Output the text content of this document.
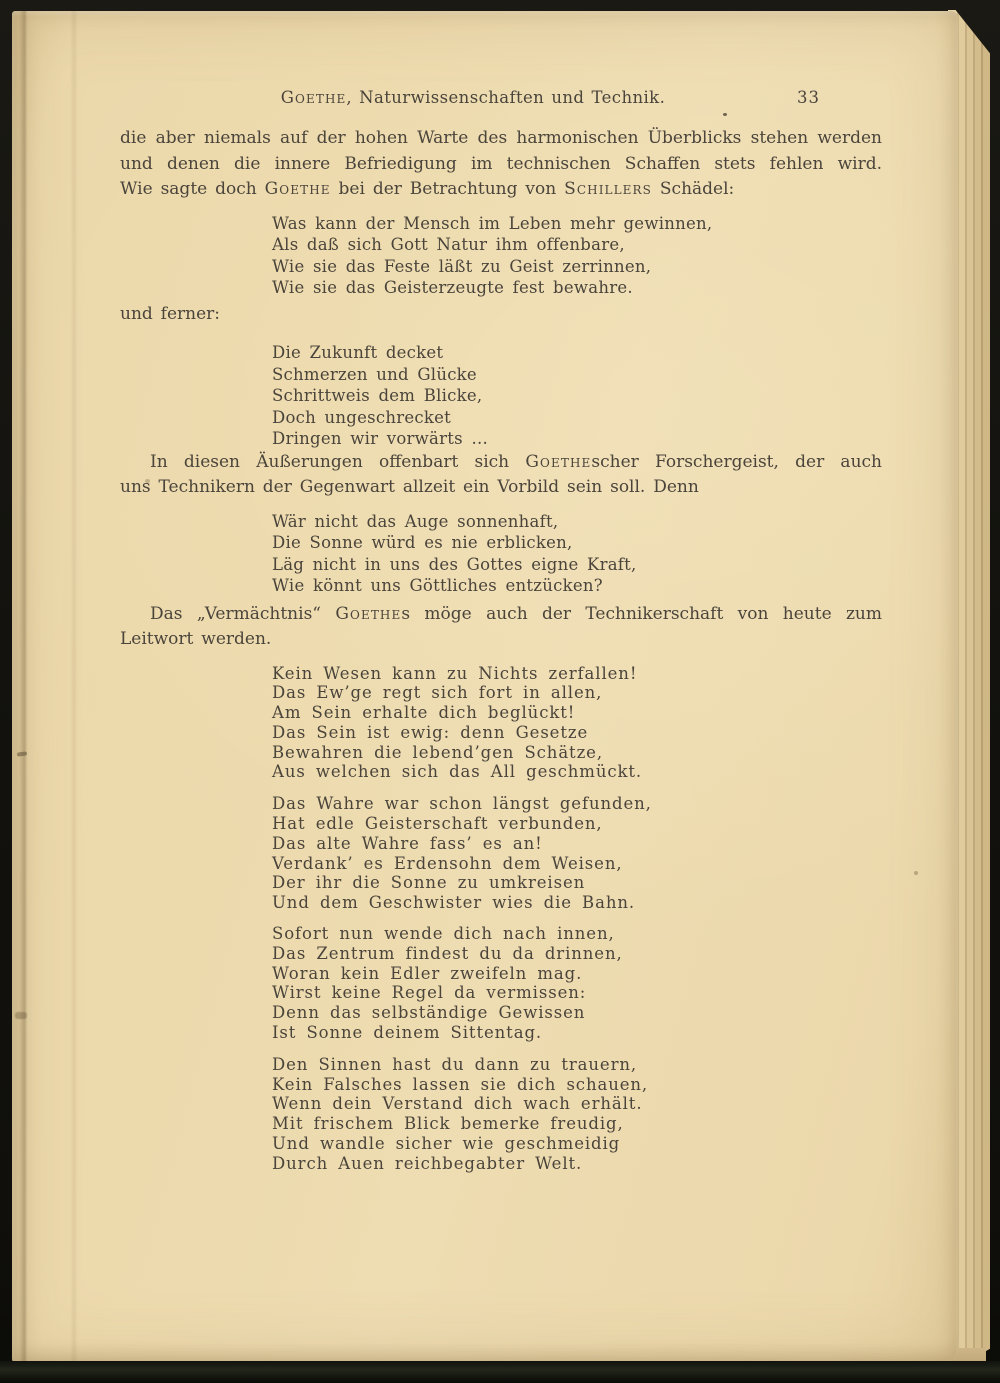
Goethe, Naturwissenschaften und Technik.	33
die aber niemals auf der hohen Warte des harmonischen Überblicks stehen werden
und denen die innere Befriedigung im technischen Schaffen stets fehlen wird.
Wie sagte doch Goethe bei der Betrachtung von Schillers Schädel:
Was kann der Mensch im Leben mehr gewinnen,
Als daß sich Gott Natur ihm offenbare,
Wie sie das Feste läßt zu Geist zerrinnen,
Wie sie das Geisterzeugte fest bewahre.
und ferner:
Die Zukunft decket
Schmerzen und Glücke
Schrittweis dem Blicke,
Doch ungeschrecket
Dringen wir vorwärts …
In diesen Äußerungen offenbart sich Goethescher Forschergeist, der auch
uns Technikern der Gegenwart allzeit ein Vorbild sein soll. Denn
Wär nicht das Auge sonnenhaft,
Die Sonne würd es nie erblicken,
Läg nicht in uns des Gottes eigne Kraft,
Wie könnt uns Göttliches entzücken?
Das „Vermächtnis“ Goethes möge auch der Technikerschaft von heute zum
Leitwort werden.
Kein Wesen kann zu Nichts zerfallen!
Das Ew’ge regt sich fort in allen,
Am Sein erhalte dich beglückt!
Das Sein ist ewig: denn Gesetze
Bewahren die lebend’gen Schätze,
Aus welchen sich das All geschmückt.
Das Wahre war schon längst gefunden,
Hat edle Geisterschaft verbunden,
Das alte Wahre fass’ es an!
Verdank’ es Erdensohn dem Weisen,
Der ihr die Sonne zu umkreisen
Und dem Geschwister wies die Bahn.
Sofort nun wende dich nach innen,
Das Zentrum findest du da drinnen,
Woran kein Edler zweifeln mag.
Wirst keine Regel da vermissen:
Denn das selbständige Gewissen
Ist Sonne deinem Sittentag.
Den Sinnen hast du dann zu trauern,
Kein Falsches lassen sie dich schauen,
Wenn dein Verstand dich wach erhält.
Mit frischem Blick bemerke freudig,
Und wandle sicher wie geschmeidig
Durch Auen reichbegabter Welt.
